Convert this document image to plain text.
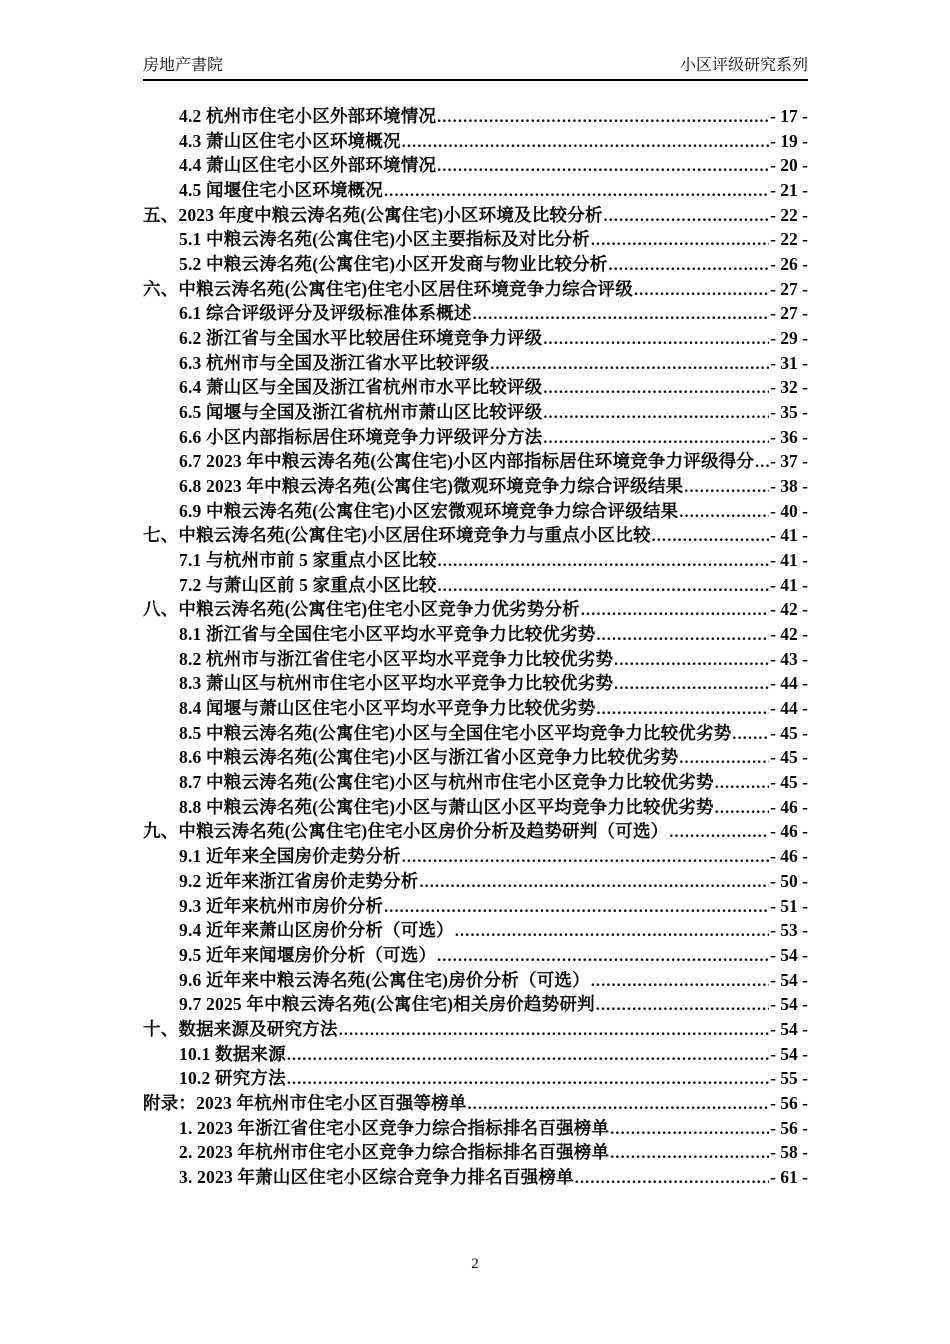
房地产書院	小区评级研究系列
4.2 杭州市住宅小区外部环境情况 .....	- 17 -
4.3 萧山区住宅小区环境概况 .....	- 19 -
4.4 萧山区住宅小区外部环境情况 .....	- 20 -
4.5 闻堰住宅小区环境概况 .....	- 21 -
五、2023 年度中粮云涛名苑(公寓住宅)小区环境及比较分析 .....	- 22 -
5.1 中粮云涛名苑(公寓住宅)小区主要指标及对比分析 .....	- 22 -
5.2 中粮云涛名苑(公寓住宅)小区开发商与物业比较分析 .....	- 26 -
六、中粮云涛名苑(公寓住宅)住宅小区居住环境竞争力综合评级 .....	- 27 -
6.1 综合评级评分及评级标准体系概述 .....	- 27 -
6.2 浙江省与全国水平比较居住环境竞争力评级 .....	- 29 -
6.3 杭州市与全国及浙江省水平比较评级 .....	- 31 -
6.4 萧山区与全国及浙江省杭州市水平比较评级 .....	- 32 -
6.5 闻堰与全国及浙江省杭州市萧山区比较评级 .....	- 35 -
6.6 小区内部指标居住环境竞争力评级评分方法 .....	- 36 -
6.7 2023 年中粮云涛名苑(公寓住宅)小区内部指标居住环境竞争力评级得分 ..... - 37 -
6.8 2023 年中粮云涛名苑(公寓住宅)微观环境竞争力综合评级结果 .....	- 38 -
6.9 中粮云涛名苑(公寓住宅)小区宏微观环境竞争力综合评级结果 .....	- 40 -
七、中粮云涛名苑(公寓住宅)小区居住环境竞争力与重点小区比较 .....	- 41 -
7.1 与杭州市前 5 家重点小区比较 .....	- 41 -
7.2 与萧山区前 5 家重点小区比较 .....	- 41 -
八、中粮云涛名苑(公寓住宅)住宅小区竞争力优劣势分析 .....	- 42 -
8.1 浙江省与全国住宅小区平均水平竞争力比较优劣势 .....	- 42 -
8.2 杭州市与浙江省住宅小区平均水平竞争力比较优劣势 .....	- 43 -
8.3 萧山区与杭州市住宅小区平均水平竞争力比较优劣势 .....	- 44 -
8.4 闻堰与萧山区住宅小区平均水平竞争力比较优劣势 .....	- 44 -
8.5 中粮云涛名苑(公寓住宅)小区与全国住宅小区平均竞争力比较优劣势 ..... - 45 -
8.6 中粮云涛名苑(公寓住宅)小区与浙江省小区竞争力比较优劣势 .....	- 45 -
8.7 中粮云涛名苑(公寓住宅)小区与杭州市住宅小区竞争力比较优劣势 .....	- 45 -
8.8 中粮云涛名苑(公寓住宅)小区与萧山区小区平均竞争力比较优劣势 .....	- 46 -
九、中粮云涛名苑(公寓住宅)住宅小区房价分析及趋势研判（可选） .....	- 46 -
9.1 近年来全国房价走势分析 .....	- 46 -
9.2 近年来浙江省房价走势分析 .....	- 50 -
9.3 近年来杭州市房价分析 .....	- 51 -
9.4 近年来萧山区房价分析（可选） .....	- 53 -
9.5 近年来闻堰房价分析（可选） .....	- 54 -
9.6 近年来中粮云涛名苑(公寓住宅)房价分析（可选） .....	- 54 -
9.7 2025 年中粮云涛名苑(公寓住宅)相关房价趋势研判 .....	- 54 -
十、数据来源及研究方法 .....	- 54 -
10.1 数据来源 .....	- 54 -
10.2 研究方法 .....	- 55 -
附录：2023 年杭州市住宅小区百强等榜单 .....	- 56 -
1. 2023 年浙江省住宅小区竞争力综合指标排名百强榜单 .....	- 56 -
2. 2023 年杭州市住宅小区竞争力综合指标排名百强榜单 .....	- 58 -
3. 2023 年萧山区住宅小区综合竞争力排名百强榜单 .....	- 61 -
2
